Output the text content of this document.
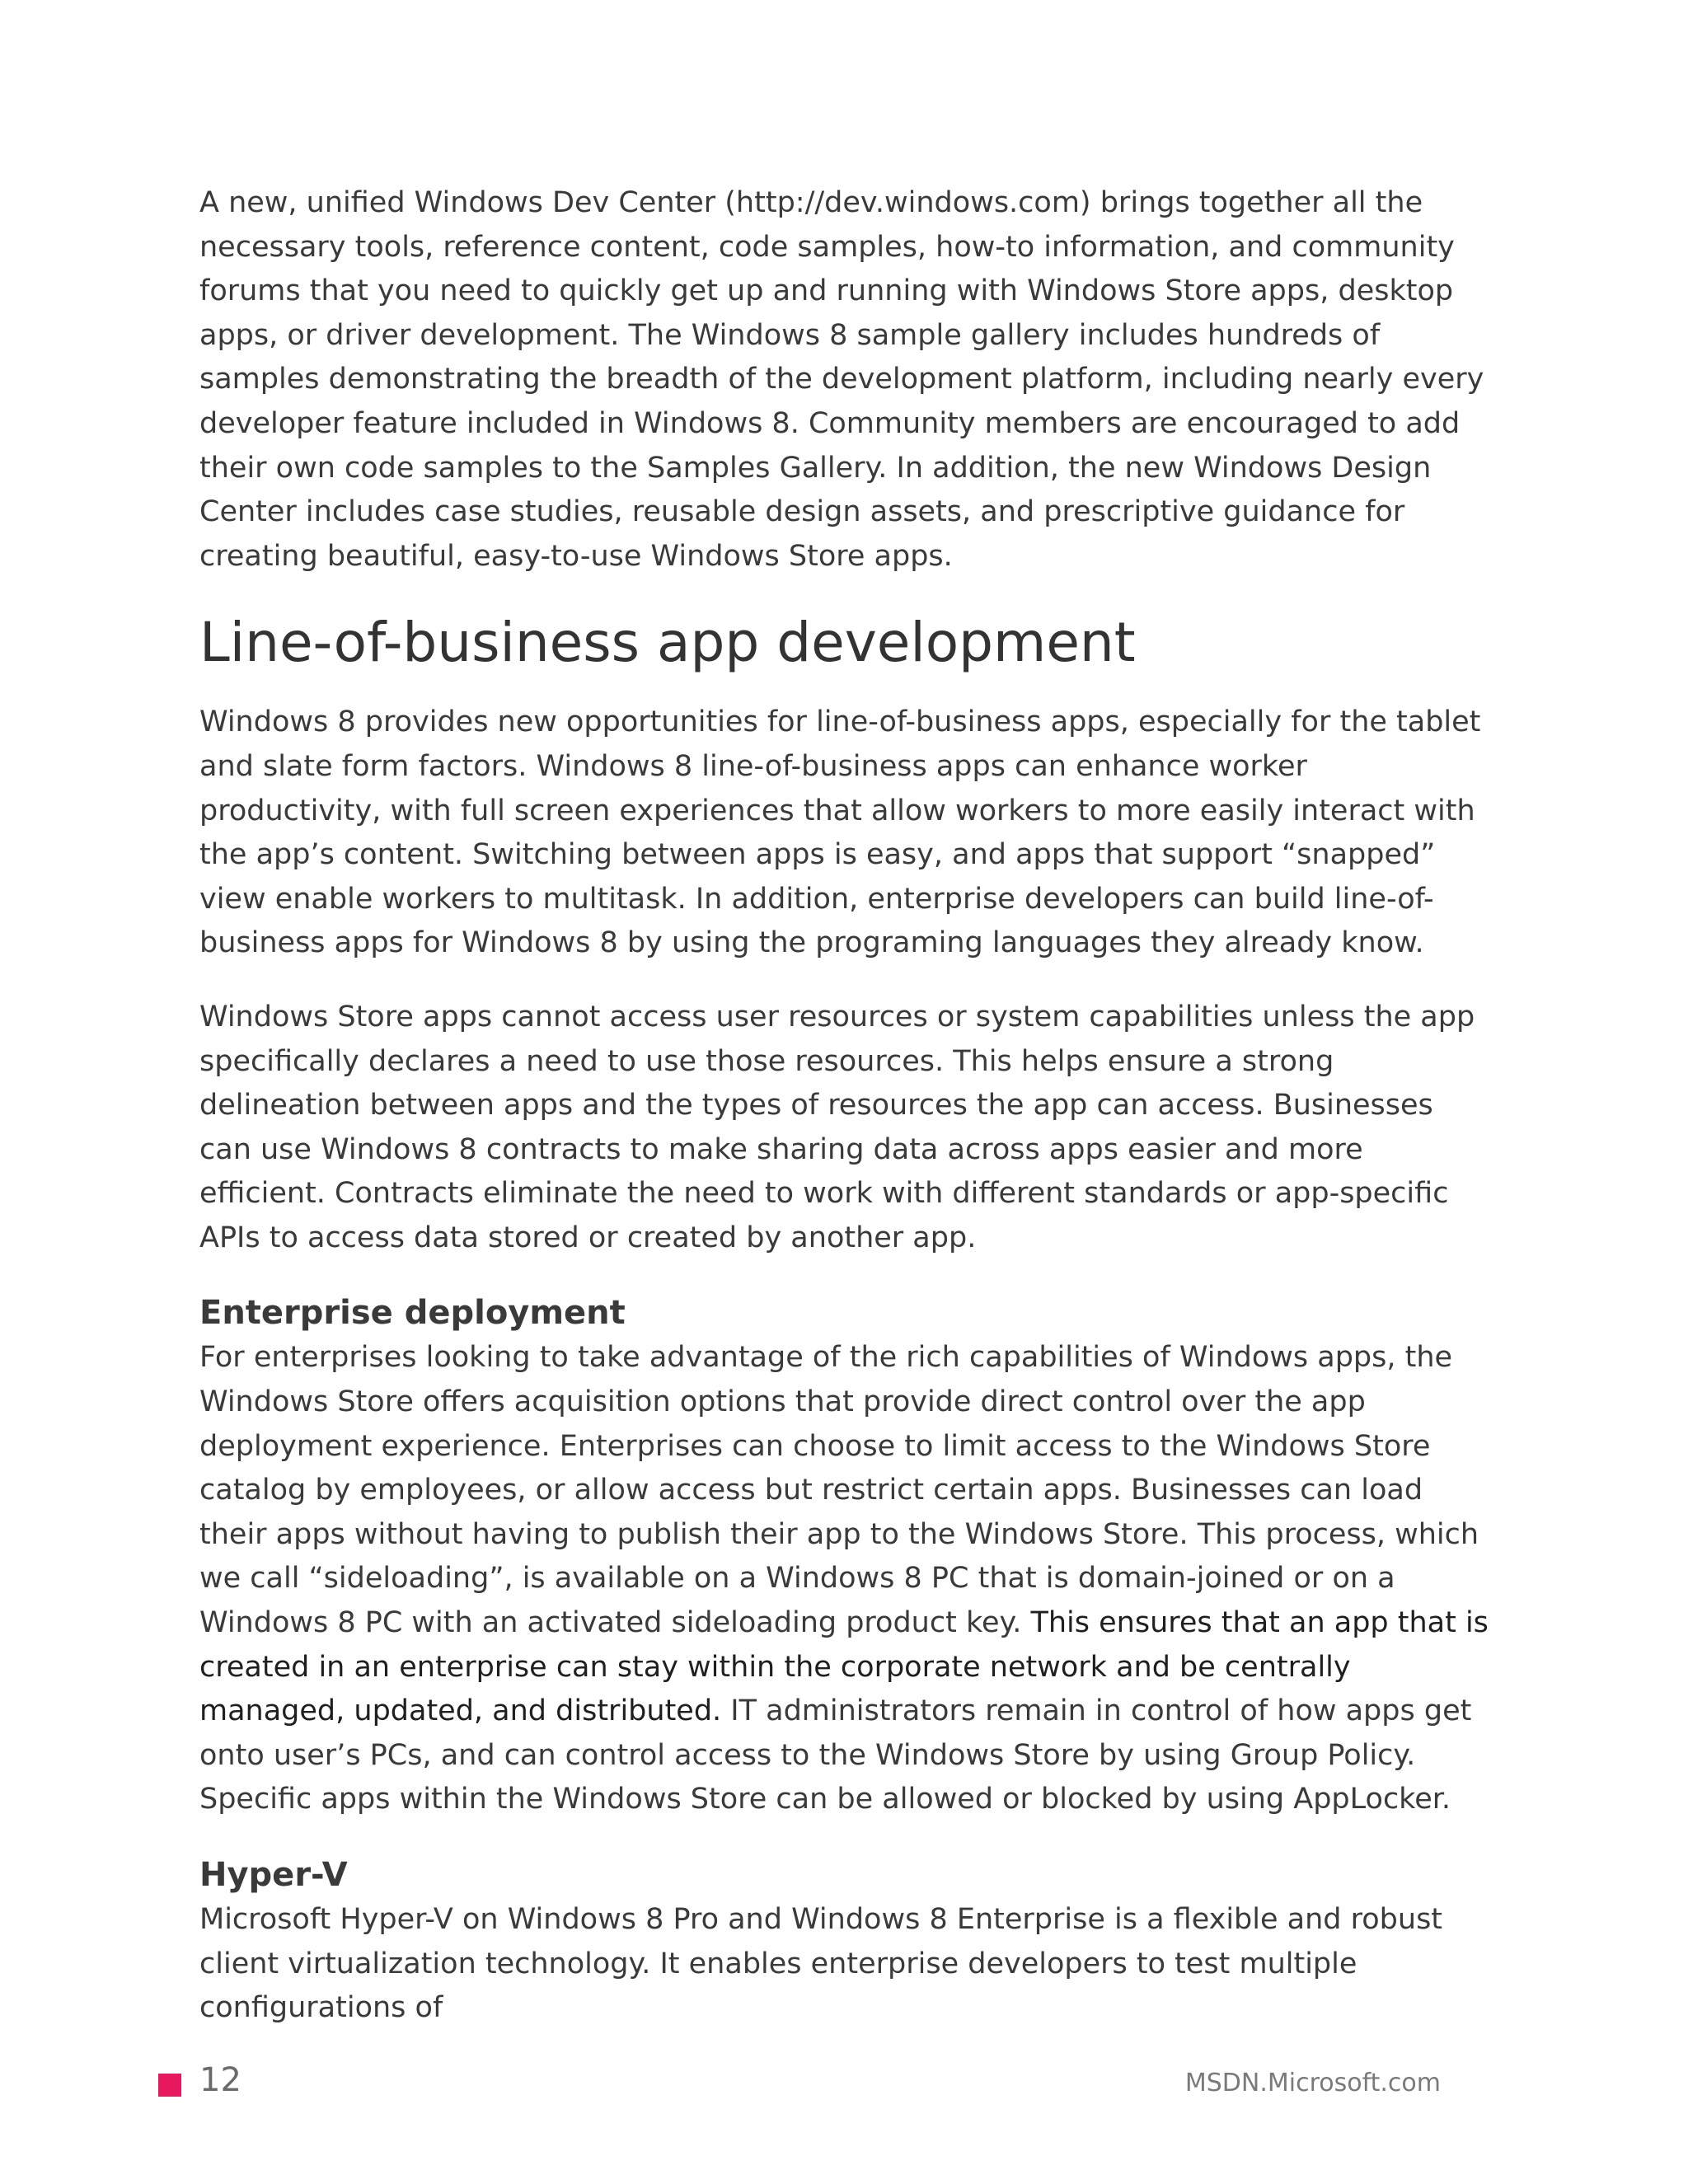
A new, unified Windows Dev Center (http://dev.windows.com) brings together all the necessary tools, reference content, code samples, how-to information, and community forums that you need to quickly get up and running with Windows Store apps, desktop apps, or driver development. The Windows 8 sample gallery includes hundreds of samples demonstrating the breadth of the development platform, including nearly every developer feature included in Windows 8. Community members are encouraged to add their own code samples to the Samples Gallery. In addition, the new Windows Design Center includes case studies, reusable design assets, and prescriptive guidance for creating beautiful, easy-to-use Windows Store apps.

Line-of-business app development

Windows 8 provides new opportunities for line-of-business apps, especially for the tablet and slate form factors. Windows 8 line-of-business apps can enhance worker productivity, with full screen experiences that allow workers to more easily interact with the app’s content. Switching between apps is easy, and apps that support “snapped” view enable workers to multitask. In addition, enterprise developers can build line-of-business apps for Windows 8 by using the programing languages they already know.

Windows Store apps cannot access user resources or system capabilities unless the app specifically declares a need to use those resources. This helps ensure a strong delineation between apps and the types of resources the app can access. Businesses can use Windows 8 contracts to make sharing data across apps easier and more efficient. Contracts eliminate the need to work with different standards or app-specific APIs to access data stored or created by another app.

Enterprise deployment

For enterprises looking to take advantage of the rich capabilities of Windows apps, the Windows Store offers acquisition options that provide direct control over the app deployment experience. Enterprises can choose to limit access to the Windows Store catalog by employees, or allow access but restrict certain apps. Businesses can load their apps without having to publish their app to the Windows Store. This process, which we call “sideloading”, is available on a Windows 8 PC that is domain-joined or on a Windows 8 PC with an activated sideloading product key. This ensures that an app that is created in an enterprise can stay within the corporate network and be centrally managed, updated, and distributed. IT administrators remain in control of how apps get onto user’s PCs, and can control access to the Windows Store by using Group Policy. Specific apps within the Windows Store can be allowed or blocked by using AppLocker.

Hyper-V

Microsoft Hyper-V on Windows 8 Pro and Windows 8 Enterprise is a flexible and robust client virtualization technology. It enables enterprise developers to test multiple configurations of

12	MSDN.Microsoft.com
